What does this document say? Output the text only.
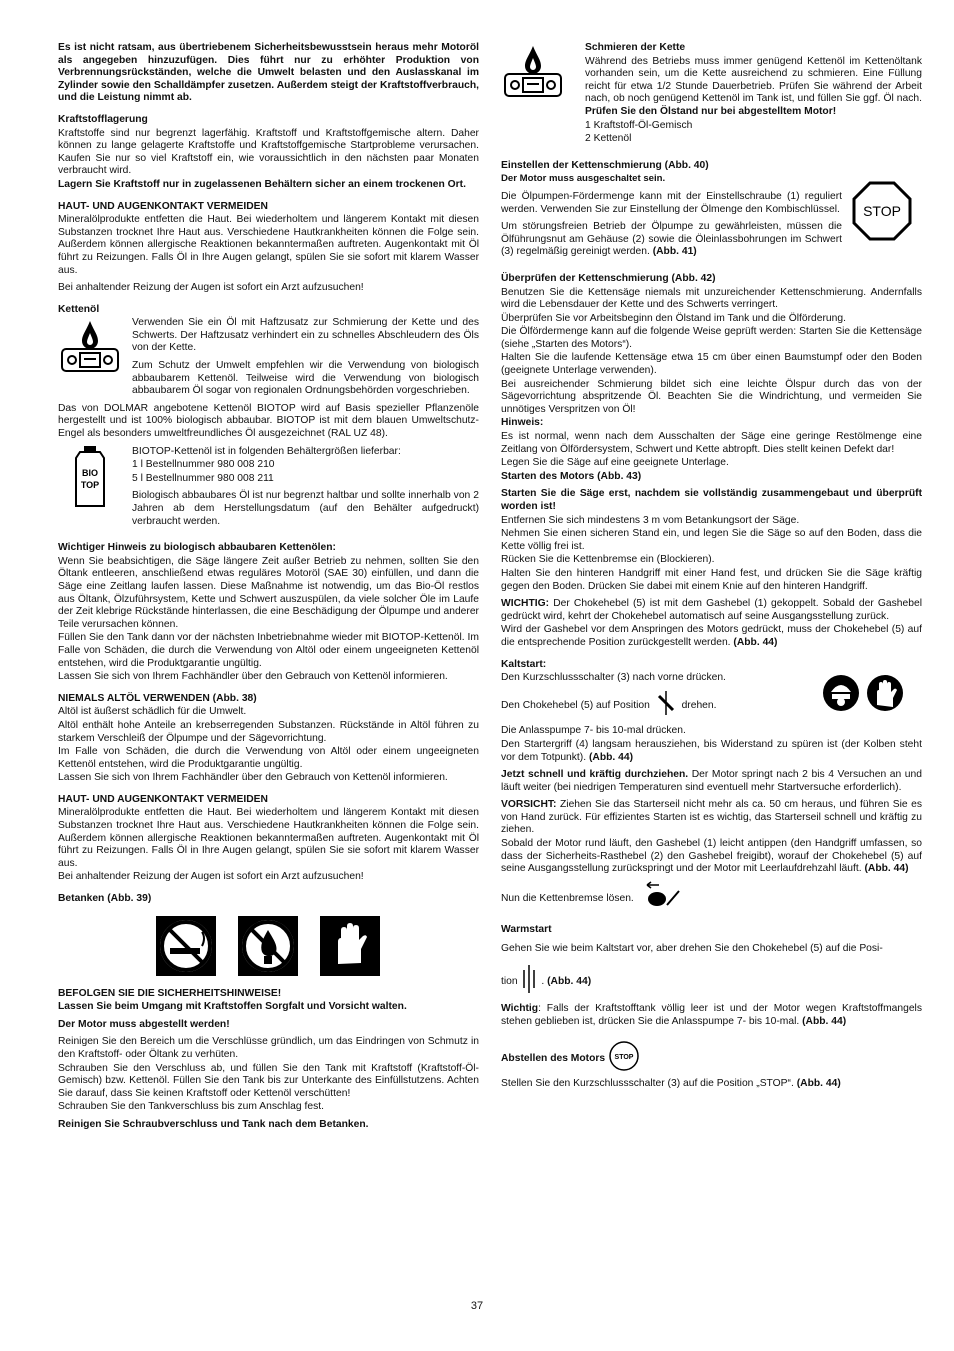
Es ist nicht ratsam, aus übertriebenem Sicherheitsbewusstsein heraus mehr Motoröl als angegeben hinzuzufügen. Dies führt nur zu erhöhter Produktion von Verbrennungsrückständen, welche die Umwelt belasten und den Auslasskanal im Zylinder sowie den Schalldämpfer zusetzen. Außerdem steigt der Kraftstoffverbrauch, und die Leistung nimmt ab.

Kraftstofflagerung

Kraftstoffe sind nur begrenzt lagerfähig. Kraftstoff und Kraftstoffgemische altern. Daher können zu lange gelagerte Kraftstoffe und Kraftstoffgemische Startprobleme verursachen. Kaufen Sie nur so viel Kraftstoff ein, wie voraussichtlich in den nächsten paar Monaten verbraucht wird.

Lagern Sie Kraftstoff nur in zugelassenen Behältern sicher an einem trockenen Ort.

HAUT- UND AUGENKONTAKT VERMEIDEN

Mineralölprodukte entfetten die Haut. Bei wiederholtem und längerem Kontakt mit diesen Substanzen trocknet Ihre Haut aus. Verschiedene Hautkrankheiten können die Folge sein. Außerdem können allergische Reaktionen bekanntermaßen auftreten. Augenkontakt mit Öl führt zu Reizungen. Falls Öl in Ihre Augen gelangt, spülen Sie sie sofort mit klarem Wasser aus.

Bei anhaltender Reizung der Augen ist sofort ein Arzt aufzusuchen!

Kettenöl

Verwenden Sie ein Öl mit Haftzusatz zur Schmierung der Kette und des Schwerts. Der Haftzusatz verhindert ein zu schnelles Abschleudern des Öls von der Kette.

Zum Schutz der Umwelt empfehlen wir die Verwendung von biologisch abbaubarem Kettenöl. Teilweise wird die Verwendung von biologisch abbaubarem Öl sogar von regionalen Ordnungsbehörden vorgeschrieben.

Das von DOLMAR angebotene Kettenöl BIOTOP wird auf Basis spezieller Pflanzenöle hergestellt und ist 100% biologisch abbaubar. BIOTOP ist mit dem blauen Umweltschutz-Engel als besonders umweltfreundliches Öl ausgezeichnet (RAL UZ 48).

BIO
TOP

BIOTOP-Kettenöl ist in folgenden Behältergrößen lieferbar:

1 l Bestellnummer 980 008 210

5 l Bestellnummer 980 008 211

Biologisch abbaubares Öl ist nur begrenzt haltbar und sollte innerhalb von 2 Jahren ab dem Herstellungsdatum (auf den Behälter aufgedruckt) verbraucht werden.

Wichtiger Hinweis zu biologisch abbaubaren Kettenölen:

Wenn Sie beabsichtigen, die Säge längere Zeit außer Betrieb zu nehmen, sollten Sie den Öltank entleeren, anschließend etwas reguläres Motoröl (SAE 30) einfüllen, und dann die Säge eine Zeitlang laufen lassen. Diese Maßnahme ist notwendig, um das Bio-Öl restlos aus Öltank, Ölzuführsystem, Kette und Schwert auszuspülen, da viele solcher Öle im Laufe der Zeit klebrige Rückstände hinterlassen, die eine Beschädigung der Ölpumpe und anderer Teile verursachen können.

Füllen Sie den Tank dann vor der nächsten Inbetriebnahme wieder mit BIOTOP-Kettenöl. Im Falle von Schäden, die durch die Verwendung von Altöl oder einem ungeeigneten Kettenöl entstehen, wird die Produktgarantie ungültig.

Lassen Sie sich von Ihrem Fachhändler über den Gebrauch von Kettenöl informieren.

NIEMALS ALTÖL VERWENDEN (Abb. 38)

Altöl ist äußerst schädlich für die Umwelt.

Altöl enthält hohe Anteile an krebserregenden Substanzen. Rückstände in Altöl führen zu starkem Verschleiß der Ölpumpe und der Sägevorrichtung.

Im Falle von Schäden, die durch die Verwendung von Altöl oder einem ungeeigneten Kettenöl entstehen, wird die Produktgarantie ungültig.

Lassen Sie sich von Ihrem Fachhändler über den Gebrauch von Kettenöl informieren.

HAUT- UND AUGENKONTAKT VERMEIDEN

Mineralölprodukte entfetten die Haut. Bei wiederholtem und längerem Kontakt mit diesen Substanzen trocknet Ihre Haut aus. Verschiedene Hautkrankheiten können die Folge sein. Außerdem können allergische Reaktionen bekanntermaßen auftreten. Augenkontakt mit Öl führt zu Reizungen. Falls Öl in Ihre Augen gelangt, spülen Sie sie sofort mit klarem Wasser aus.

Bei anhaltender Reizung der Augen ist sofort ein Arzt aufzusuchen!

Betanken (Abb. 39)
BEFOLGEN SIE DIE SICHERHEITSHINWEISE!

Lassen Sie beim Umgang mit Kraftstoffen Sorgfalt und Vorsicht walten.

Der Motor muss abgestellt werden!

Reinigen Sie den Bereich um die Verschlüsse gründlich, um das Eindringen von Schmutz in den Kraftstoff- oder Öltank zu verhüten.

Schrauben Sie den Verschluss ab, und füllen Sie den Tank mit Kraftstoff (Kraftstoff-Öl-Gemisch) bzw. Kettenöl. Füllen Sie den Tank bis zur Unterkante des Einfüllstutzens. Achten Sie darauf, dass Sie keinen Kraftstoff oder Kettenöl verschütten!

Schrauben Sie den Tankverschluss bis zum Anschlag fest.

Reinigen Sie Schraubverschluss und Tank nach dem Betanken.

Schmieren der Kette

Während des Betriebs muss immer genügend Kettenöl im Kettenöltank vorhanden sein, um die Kette ausreichend zu schmieren. Eine Füllung reicht für etwa 1/2 Stunde Dauerbetrieb. Prüfen Sie während der Arbeit nach, ob noch genügend Kettenöl im Tank ist, und füllen Sie ggf. Öl nach. Prüfen Sie den Ölstand nur bei abgestelltem Motor!

1 Kraftstoff-Öl-Gemisch

2 Kettenöl

Einstellen der Kettenschmierung (Abb. 40)

Der Motor muss ausgeschaltet sein.

Die Ölpumpen-Fördermenge kann mit der Einstellschraube (1) reguliert werden. Verwenden Sie zur Einstellung der Ölmenge den Kombischlüssel.

Um störungsfreien Betrieb der Ölpumpe zu gewährleisten, müssen die Ölführungsnut am Gehäuse (2) sowie die Öleinlassbohrungen im Schwert (3) regelmäßig gereinigt werden. (Abb. 41)

STOP
Überprüfen der Kettenschmierung (Abb. 42)

Benutzen Sie die Kettensäge niemals mit unzureichender Kettenschmierung. Andernfalls wird die Lebensdauer der Kette und des Schwerts verringert.

Überprüfen Sie vor Arbeitsbeginn den Ölstand im Tank und die Ölförderung.

Die Ölfördermenge kann auf die folgende Weise geprüft werden: Starten Sie die Kettensäge (siehe „Starten des Motors“).

Halten Sie die laufende Kettensäge etwa 15 cm über einen Baumstumpf oder den Boden (geeignete Unterlage verwenden).

Bei ausreichender Schmierung bildet sich eine leichte Ölspur durch das von der Sägevorrichtung abspritzende Öl. Beachten Sie die Windrichtung, und vermeiden Sie unnötiges Verspritzen von Öl!

Hinweis:

Es ist normal, wenn nach dem Ausschalten der Säge eine geringe Restölmenge eine Zeitlang von Ölfördersystem, Schwert und Kette abtropft. Dies stellt keinen Defekt dar!

Legen Sie die Säge auf eine geeignete Unterlage.

Starten des Motors (Abb. 43)

Starten Sie die Säge erst, nachdem sie vollständig zusammengebaut und überprüft worden ist!

Entfernen Sie sich mindestens 3 m vom Betankungsort der Säge.

Nehmen Sie einen sicheren Stand ein, und legen Sie die Säge so auf den Boden, dass die Kette völlig frei ist.

Rücken Sie die Kettenbremse ein (Blockieren).

Halten Sie den hinteren Handgriff mit einer Hand fest, und drücken Sie die Säge kräftig gegen den Boden. Drücken Sie dabei mit einem Knie auf den hinteren Handgriff.

WICHTIG: Der Chokehebel (5) ist mit dem Gashebel (1) gekoppelt. Sobald der Gashebel gedrückt wird, kehrt der Chokehebel automatisch auf seine Ausgangsstellung zurück.

Wird der Gashebel vor dem Anspringen des Motors gedrückt, muss der Chokehebel (5) auf die entsprechende Position zurückgestellt werden. (Abb. 44)

Kaltstart:

Den Kurzschlussschalter (3) nach vorne drücken.

Den Chokehebel (5) auf Position	drehen.

Die Anlasspumpe 7- bis 10-mal drücken.

Den Startergriff (4) langsam herausziehen, bis Widerstand zu spüren ist (der Kolben steht vor dem Totpunkt). (Abb. 44)

Jetzt schnell und kräftig durchziehen. Der Motor springt nach 2 bis 4 Versuchen an und läuft weiter (bei niedrigen Temperaturen sind eventuell mehr Startversuche erforderlich).

VORSICHT: Ziehen Sie das Starterseil nicht mehr als ca. 50 cm heraus, und führen Sie es von Hand zurück. Für effizientes Starten ist es wichtig, das Starterseil schnell und kräftig zu ziehen.

Sobald der Motor rund läuft, den Gashebel (1) leicht antippen (den Handgriff umfassen, so dass der Sicherheits-Rasthebel (2) den Gashebel freigibt), worauf der Chokehebel (5) auf seine Ausgangsstellung zurückspringt und der Motor mit Leerlaufdrehzahl läuft. (Abb. 44)

Nun die Kettenbremse lösen.

Warmstart

Gehen Sie wie beim Kaltstart vor, aber drehen Sie den Chokehebel (5) auf die Posi-

tion . (Abb. 44)

Wichtig: Falls der Kraftstofftank völlig leer ist und der Motor wegen Kraftstoffmangels stehen geblieben ist, drücken Sie die Anlasspumpe 7- bis 10-mal. (Abb. 44)

Abstellen des Motors STOP

Stellen Sie den Kurzschlussschalter (3) auf die Position „STOP“. (Abb. 44)

37
